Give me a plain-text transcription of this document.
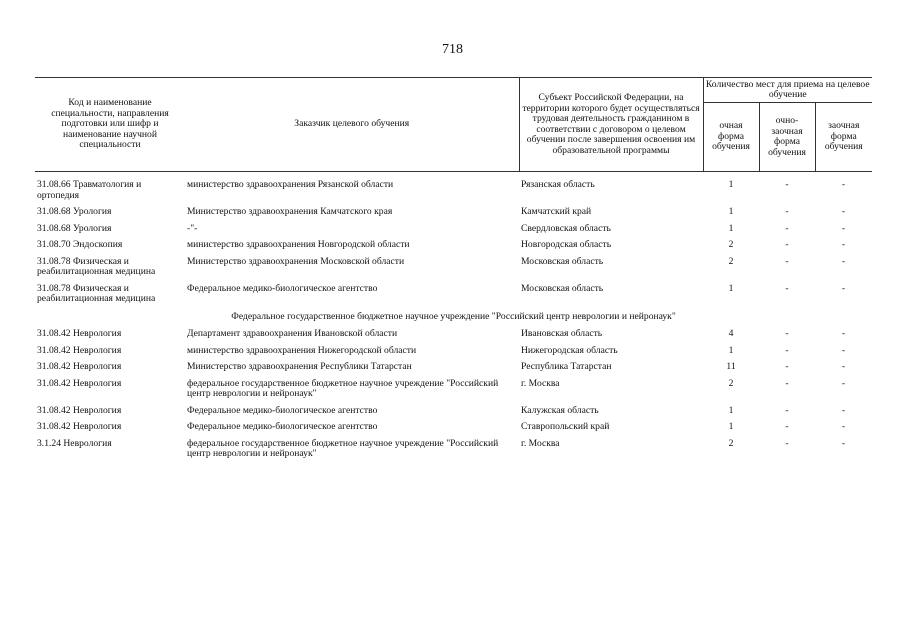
718
Код и наименование специальности, направления подготовки или шифр и наименование научной специальности	Заказчик целевого обучения	Субъект Российской Федерации, на территории которого будет осуществляться трудовая деятельность гражданином в соответствии с договором о целевом обучении после завершения освоения им образовательной программы	Количество мест для приема на целевое обучение		
			очная форма обучения	очно-заочная форма обучения	заочная форма обучения

31.08.66 Травматология и ортопедия	министерство здравоохранения Рязанской области	Рязанская область	1	-	-
31.08.68 Урология	Министерство здравоохранения Камчатского края	Камчатский край	1	-	-
31.08.68 Урология	-"-	Свердловская область	1	-	-
31.08.70 Эндоскопия	министерство здравоохранения Новгородской области	Новгородская область	2	-	-
31.08.78 Физическая и реабилитационная медицина	Министерство здравоохранения Московской области	Московская область	2	-	-
31.08.78 Физическая и реабилитационная медицина	Федеральное медико-биологическое агентство	Московская область	1	-	-
Федеральное государственное бюджетное научное учреждение "Российский центр неврологии и нейронаук"					
31.08.42 Неврология	Департамент здравоохранения Ивановской области	Ивановская область	4	-	-
31.08.42 Неврология	министерство здравоохранения Нижегородской области	Нижегородская область	1	-	-
31.08.42 Неврология	Министерство здравоохранения Республики Татарстан	Республика Татарстан	11	-	-
31.08.42 Неврология	федеральное государственное бюджетное научное учреждение "Российский центр неврологии и нейронаук"	г. Москва	2	-	-
31.08.42 Неврология	Федеральное медико-биологическое агентство	Калужская область	1	-	-
31.08.42 Неврология	Федеральное медико-биологическое агентство	Ставропольский край	1	-	-
3.1.24 Неврология	федеральное государственное бюджетное научное учреждение "Российский центр неврологии и нейронаук"	г. Москва	2	-	-
